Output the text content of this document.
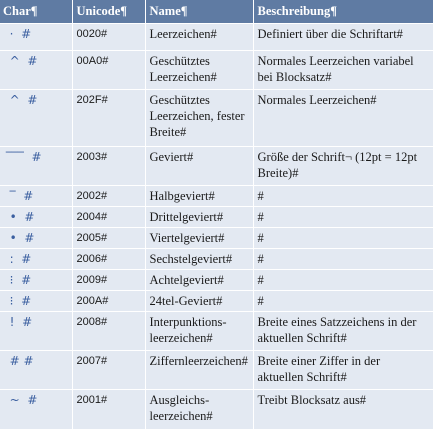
Char¶	Unicode¶	Name¶	Beschreibung¶
·  #	0020#	Leerzeichen#	Definiert über die Schriftart#
^  #	00A0#	Geschütztes Leerzeichen#	Normales Leerzeichen variabel bei Blocksatz#
^  #	202F#	Geschütztes Leerzeichen, fester Breite#	Normales Leerzeichen#
‾‾‾  #	2003#	Geviert#	Größe der Schrift¬ (12pt = 12pt Breite)#
‾  #	2002#	Halbgeviert#	#
•  #	2004#	Drittelgeviert#	#
•  #	2005#	Viertelgeviert#	#
:  #	2006#	Sechstelgeviert#	#
⁝  #	2009#	Achtelgeviert#	#
⁝  #	200A#	24tel-Geviert#	#
!  #	2008#	Interpunktionsleerzeichen#	Breite eines Satzzeichens in der aktuellen Schrift#
# #	2007#	Ziffernleerzeichen#	Breite einer Ziffer in der aktuellen Schrift#
~  #	2001#	Ausgleichsleerzeichen#	Treibt Blocksatz aus#
